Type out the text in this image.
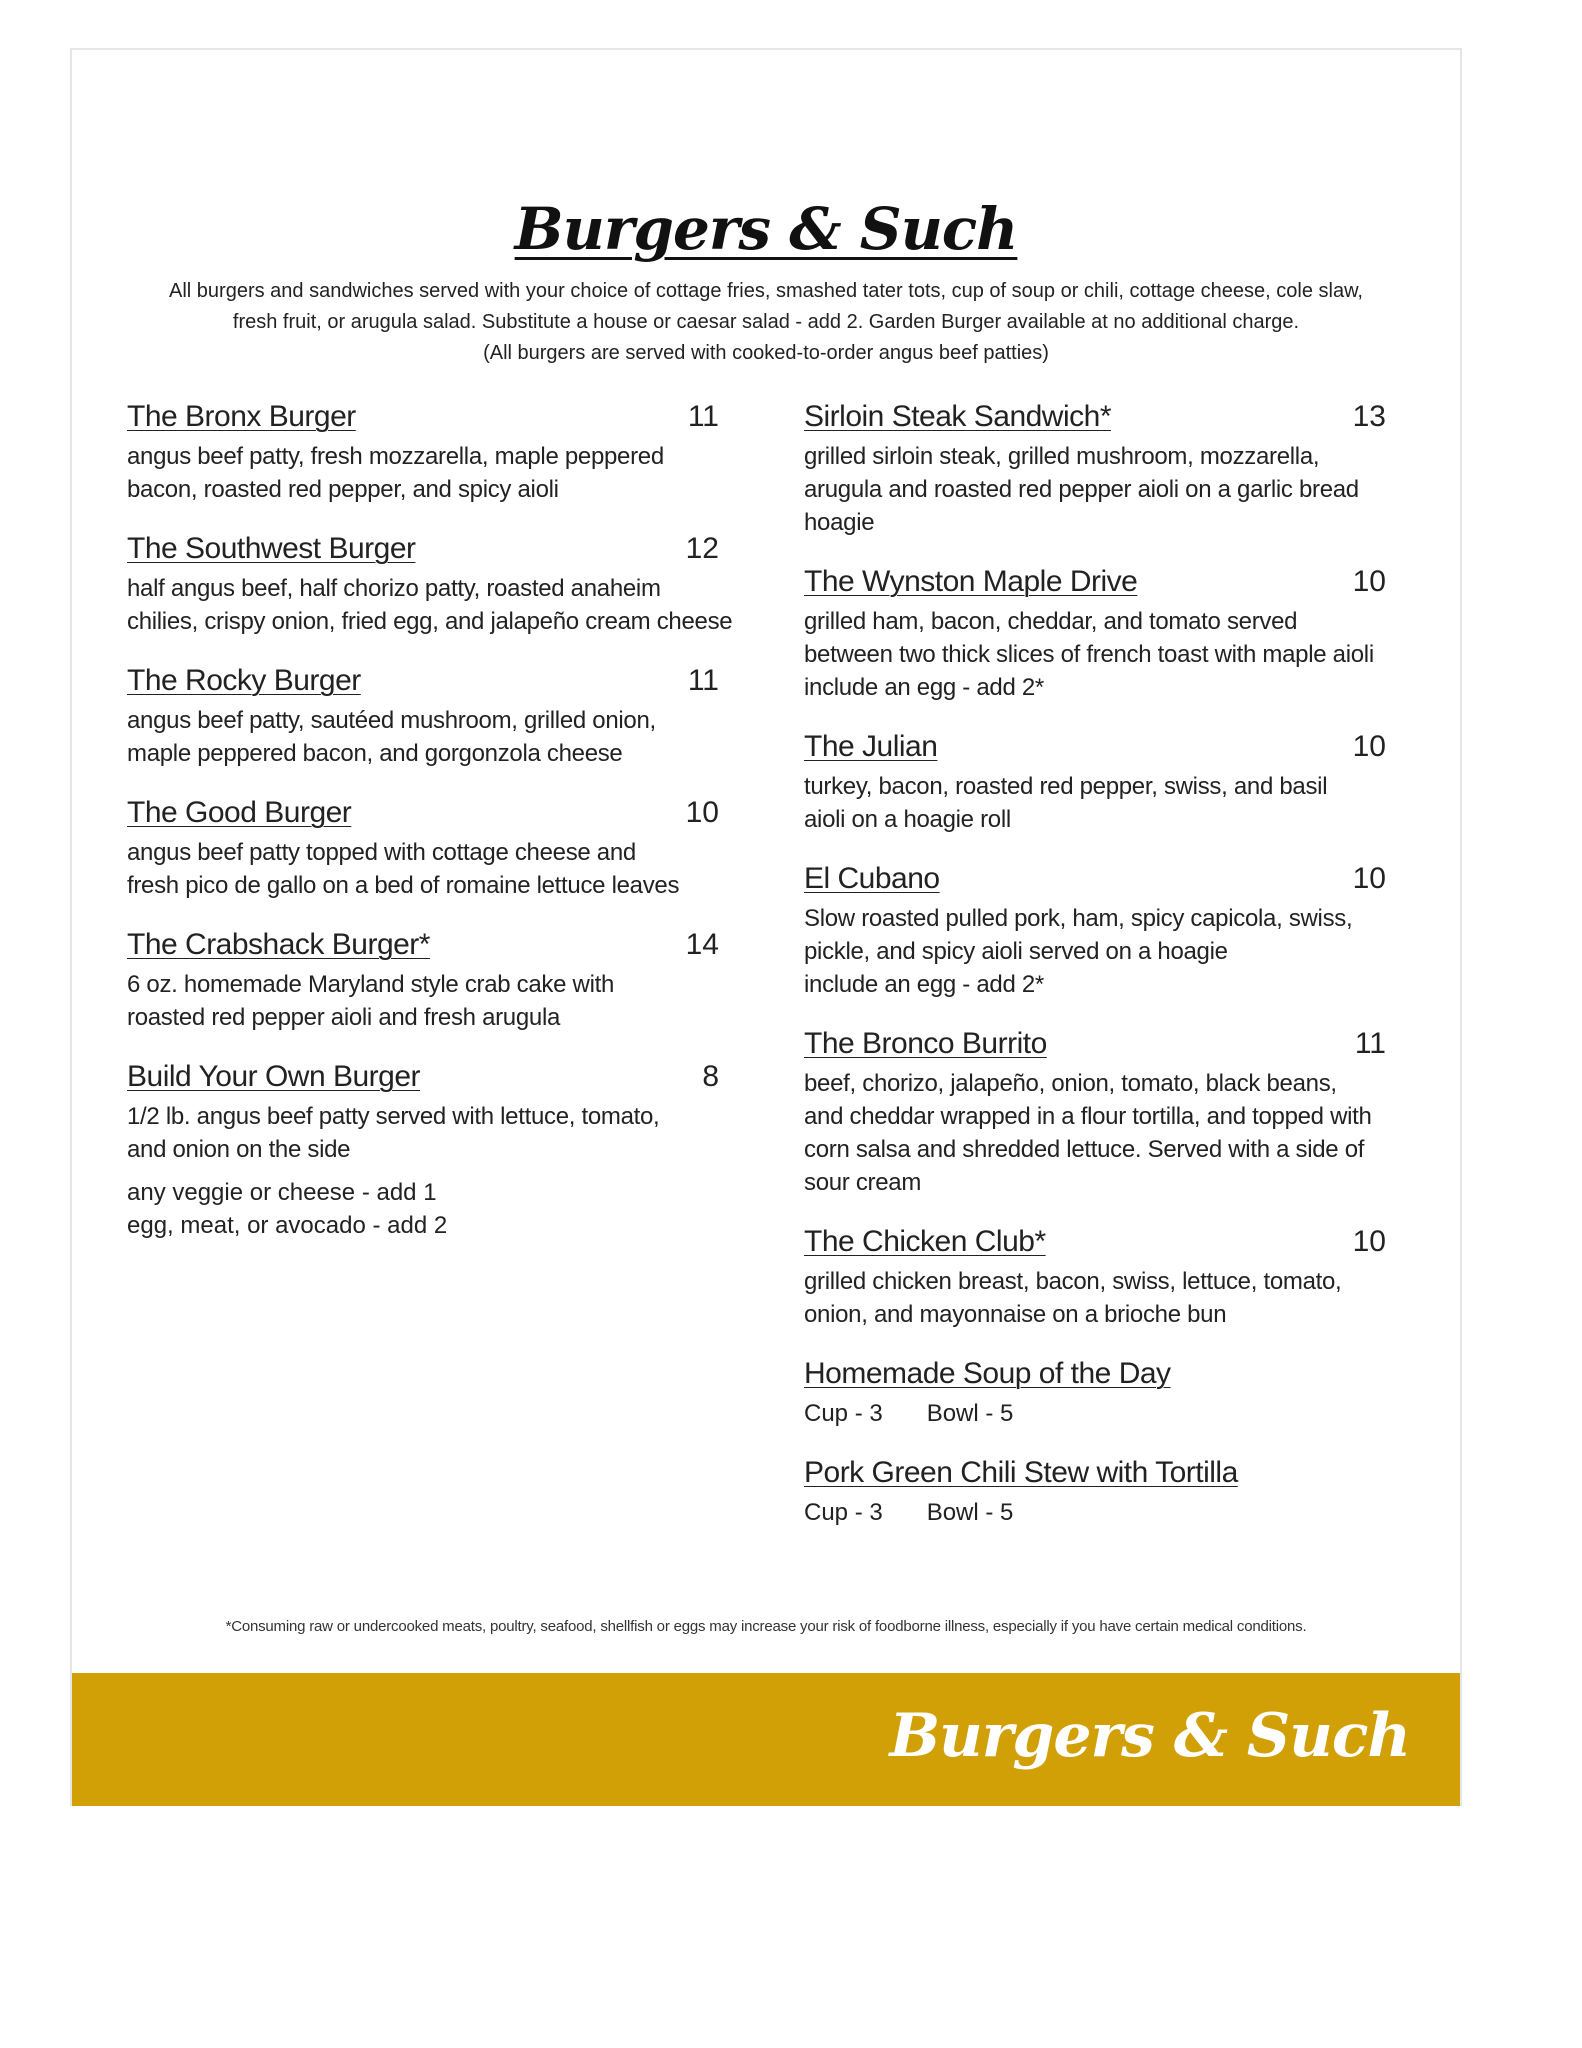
Burgers & Such
All burgers and sandwiches served with your choice of cottage fries, smashed tater tots, cup of soup or chili, cottage cheese, cole slaw,
fresh fruit, or arugula salad. Substitute a house or caesar salad - add 2. Garden Burger available at no additional charge.
(All burgers are served with cooked-to-order angus beef patties)
The Bronx Burger	11
angus beef patty, fresh mozzarella, maple peppered
bacon, roasted red pepper, and spicy aioli
The Southwest Burger	12
half angus beef, half chorizo patty, roasted anaheim
chilies, crispy onion, fried egg, and jalapeño cream cheese
The Rocky Burger	11
angus beef patty, sautéed mushroom, grilled onion,
maple peppered bacon, and gorgonzola cheese
The Good Burger	10
angus beef patty topped with cottage cheese and
fresh pico de gallo on a bed of romaine lettuce leaves
The Crabshack Burger*	14
6 oz. homemade Maryland style crab cake with
roasted red pepper aioli and fresh arugula
Build Your Own Burger	8
1/2 lb. angus beef patty served with lettuce, tomato,
and onion on the side
any veggie or cheese - add 1
egg, meat, or avocado - add 2
Sirloin Steak Sandwich*	13
grilled sirloin steak, grilled mushroom, mozzarella,
arugula and roasted red pepper aioli on a garlic bread
hoagie
The Wynston Maple Drive	10
grilled ham, bacon, cheddar, and tomato served
between two thick slices of french toast with maple aioli
include an egg - add 2*
The Julian	10
turkey, bacon, roasted red pepper, swiss, and basil
aioli on a hoagie roll
El Cubano	10
Slow roasted pulled pork, ham, spicy capicola, swiss,
pickle, and spicy aioli served on a hoagie
include an egg - add 2*
The Bronco Burrito	11
beef, chorizo, jalapeño, onion, tomato, black beans,
and cheddar wrapped in a flour tortilla, and topped with
corn salsa and shredded lettuce. Served with a side of
sour cream
The Chicken Club*	10
grilled chicken breast, bacon, swiss, lettuce, tomato,
onion, and mayonnaise on a brioche bun
Homemade Soup of the Day
Cup - 3 Bowl - 5
Pork Green Chili Stew with Tortilla
Cup - 3 Bowl - 5
*Consuming raw or undercooked meats, poultry, seafood, shellfish or eggs may increase your risk of foodborne illness, especially if you have certain medical conditions.
Burgers & Such
